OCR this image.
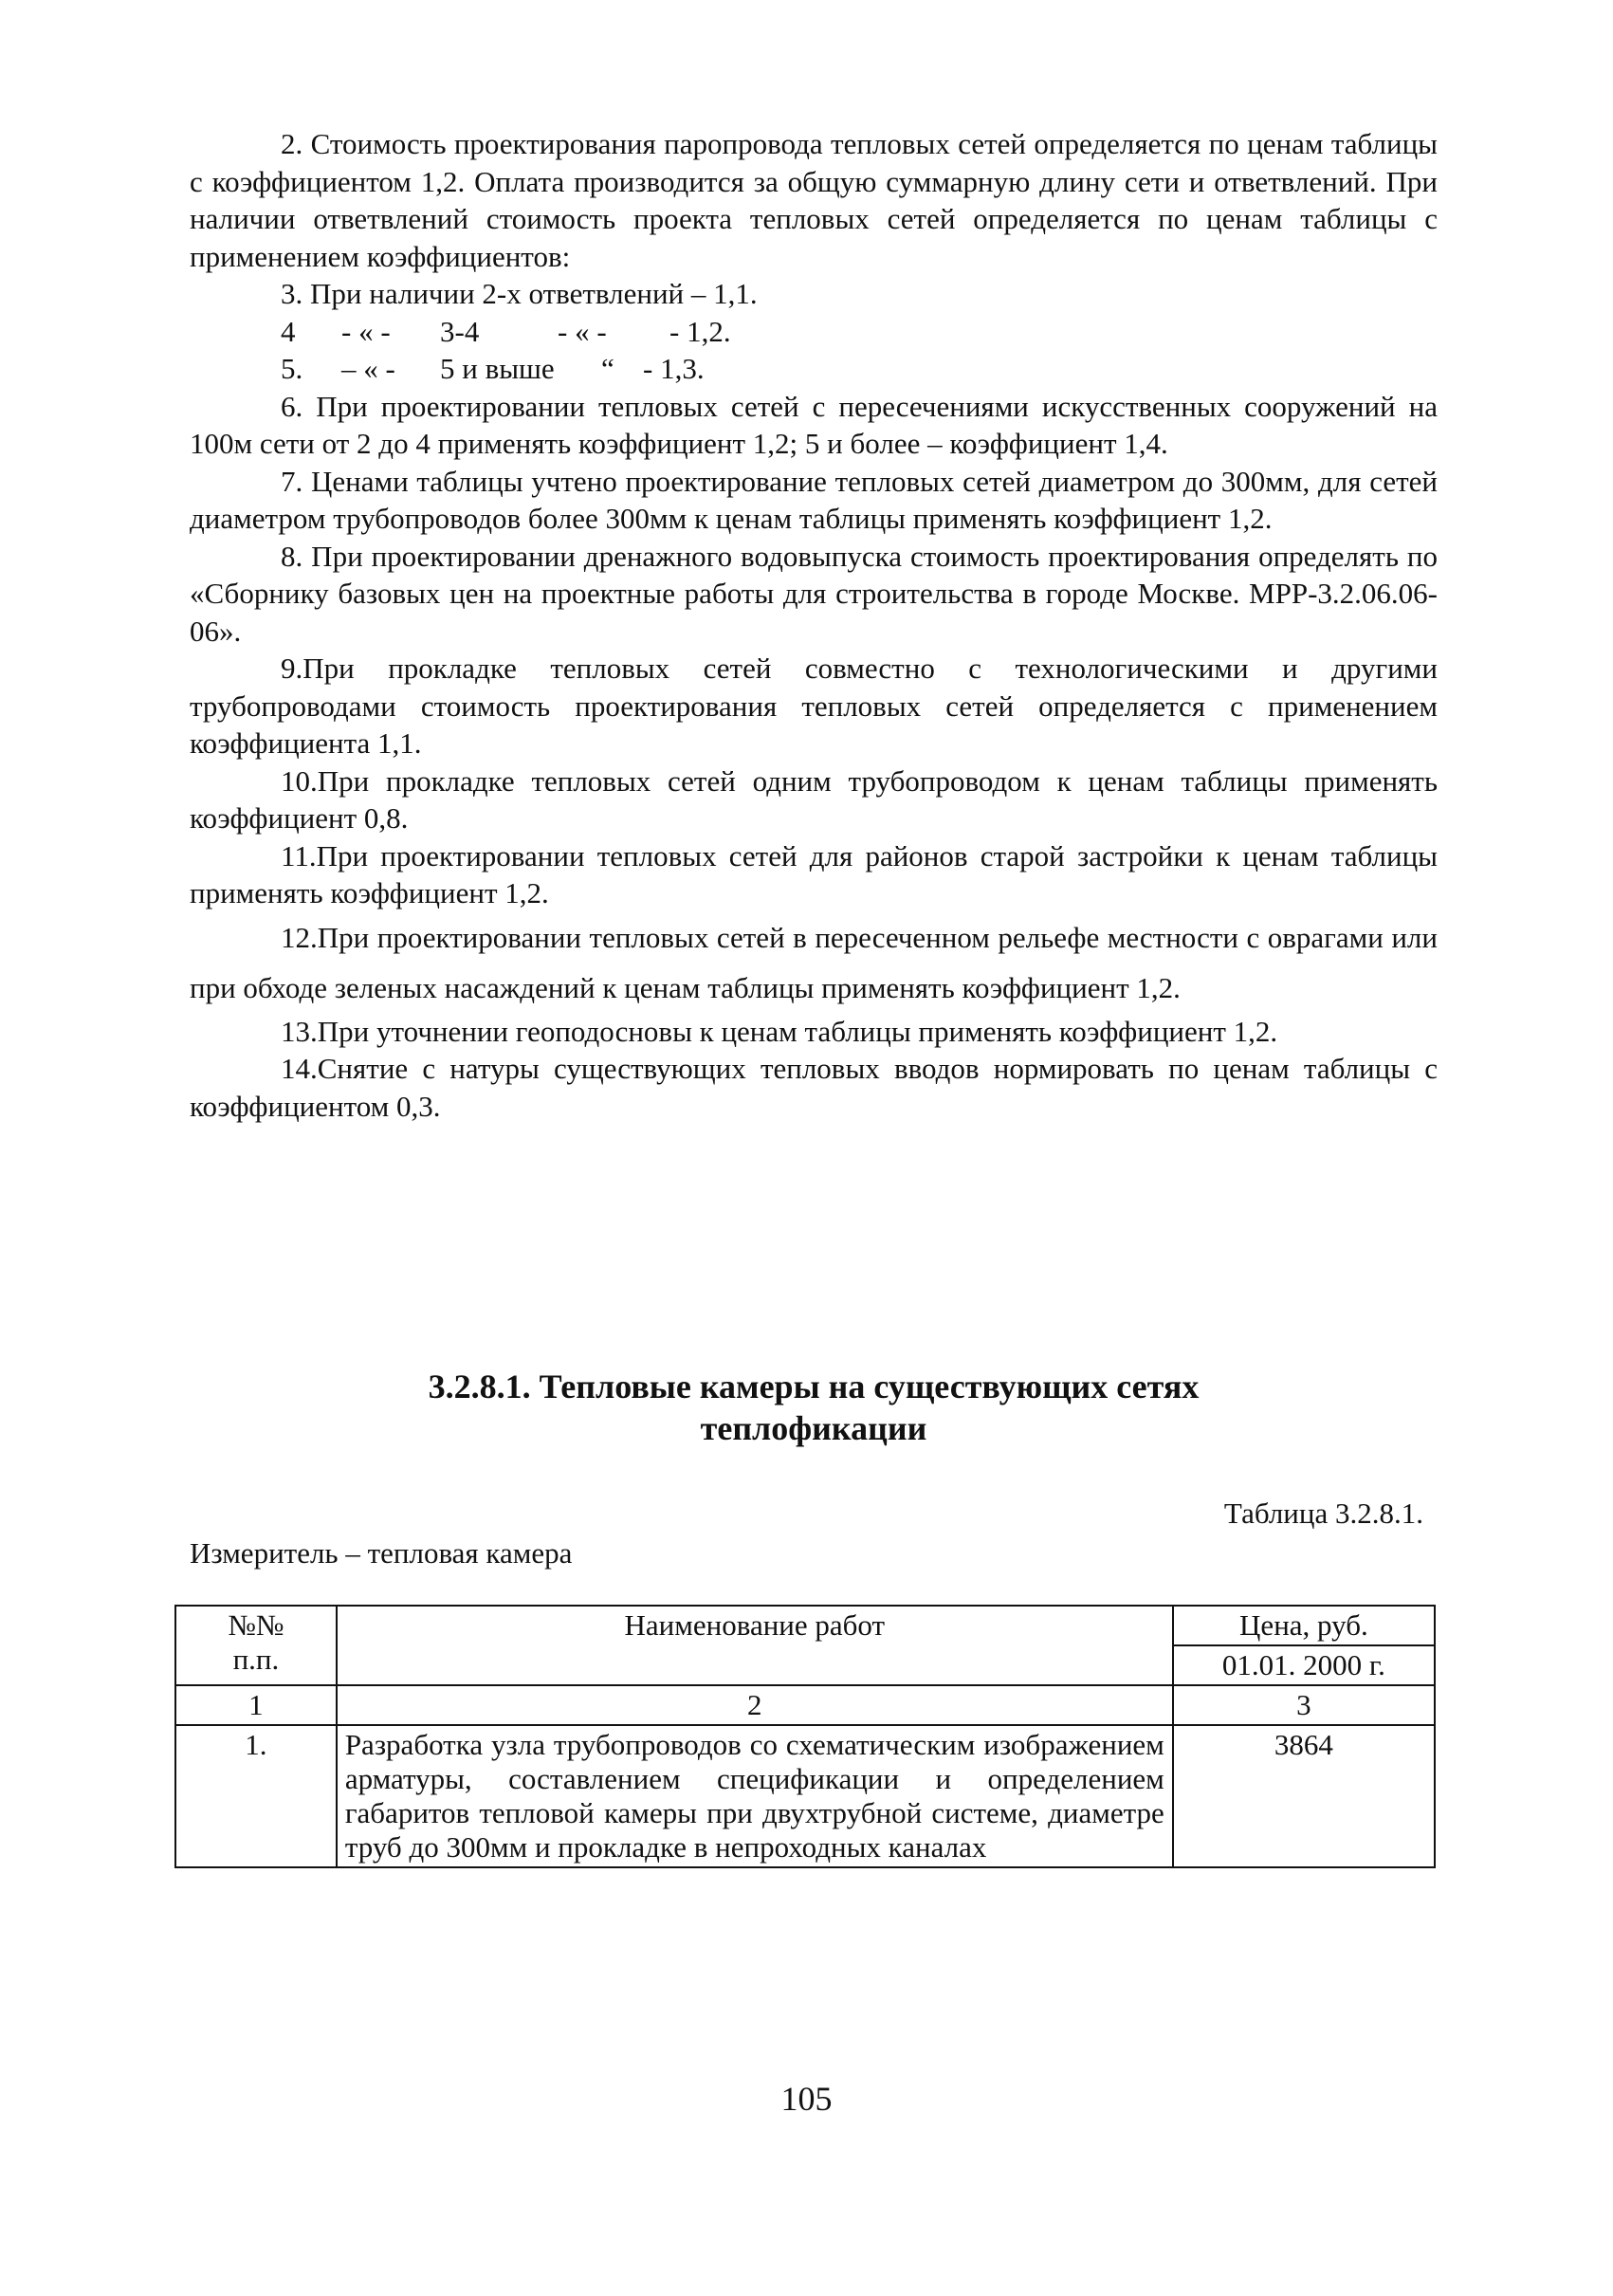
2. Стоимость проектирования паропровода тепловых сетей определяется по ценам таблицы с коэффициентом 1,2. Оплата производится за общую суммарную длину сети и ответвлений. При наличии ответвлений стоимость проекта тепловых сетей определяется по ценам таблицы с применением коэффициентов:

3. При наличии 2-х ответвлений – 1,1.

4	- « -	3-4	- « -	- 1,2.
5.	– « -	5 и выше	“ - 1,3.

6. При проектировании тепловых сетей с пересечениями искусственных сооружений на 100м сети от 2 до 4 применять коэффициент 1,2; 5 и более – коэффициент 1,4.

7. Ценами таблицы учтено проектирование тепловых сетей диаметром до 300мм, для сетей диаметром трубопроводов более 300мм к ценам таблицы применять коэффициент 1,2.

8. При проектировании дренажного водовыпуска стоимость проектирования определять по «Сборнику базовых цен на проектные работы для строительства в городе Москве. МРР-3.2.06.06-06».

9.При прокладке тепловых сетей совместно с технологическими и другими трубопроводами стоимость проектирования тепловых сетей определяется с применением коэффициента 1,1.

10.При прокладке тепловых сетей одним трубопроводом к ценам таблицы применять коэффициент 0,8.

11.При проектировании тепловых сетей для районов старой застройки к ценам таблицы применять коэффициент 1,2.

12.При проектировании тепловых сетей в пересеченном рельефе местности с оврагами или при обходе зеленых насаждений к ценам таблицы применять коэффициент 1,2.

13.При уточнении геоподосновы к ценам таблицы применять коэффициент 1,2.

14.Снятие с натуры существующих тепловых вводов нормировать по ценам таблицы с коэффициентом 0,3.

3.2.8.1. Тепловые камеры на существующих сетях
теплофикации
Таблица 3.2.8.1.
Измеритель – тепловая камера
№№
п.п.	Наименование работ	Цена, руб.
		01.01. 2000 г.
1	2	3
1.	Разработка узла трубопроводов со схематическим изображением арматуры, составлением спецификации и определением габаритов тепловой камеры при двухтрубной системе, диаметре труб до 300мм и прокладке в непроходных каналах	3864
105
